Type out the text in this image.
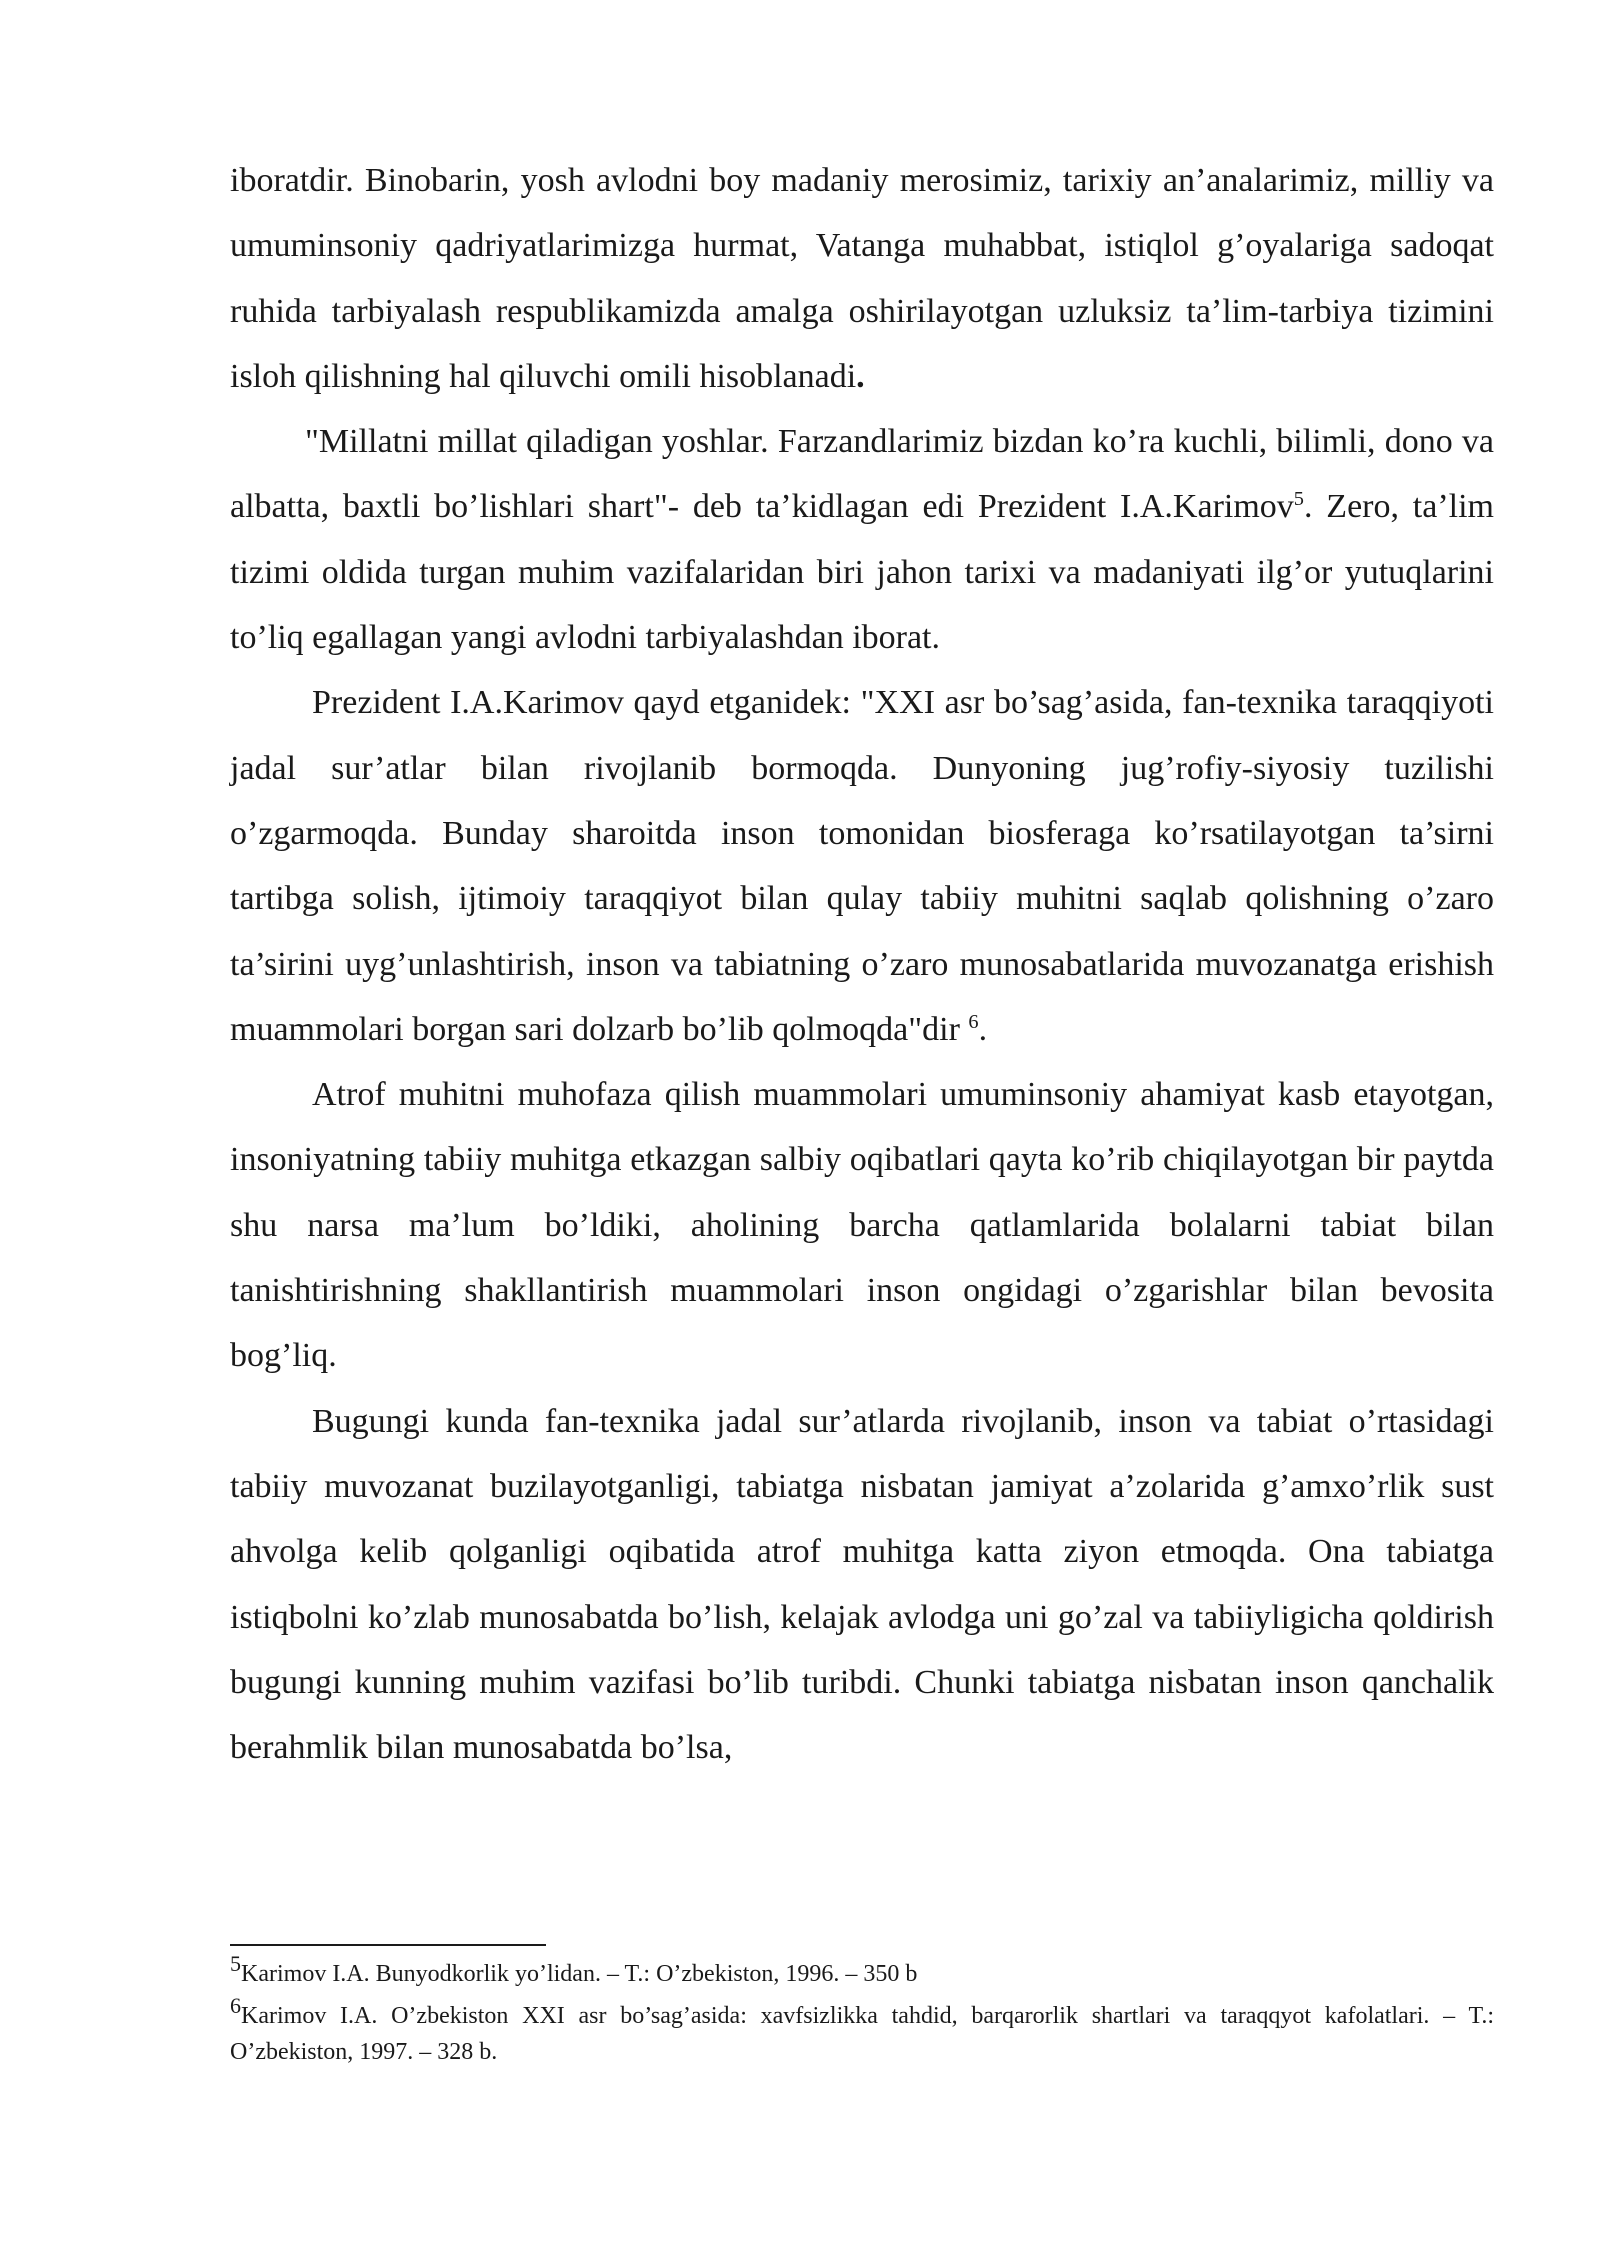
iboratdir. Binobarin, yosh avlodni boy madaniy merosimiz, tarixiy an’analarimiz, milliy va umuminsoniy qadriyatlarimizga hurmat, Vatanga muhabbat, istiqlol g’oyalariga sadoqat ruhida tarbiyalash respublikamizda amalga oshirilayotgan uzluksiz ta’lim-tarbiya tizimini isloh qilishning hal qiluvchi omili hisoblanadi.

"Millatni millat qiladigan yoshlar. Farzandlarimiz bizdan ko’ra kuchli, bilimli, dono va albatta, baxtli bo’lishlari shart"- deb ta’kidlagan edi Prezident I.A.Karimov$^5$. Zero, ta’lim tizimi oldida turgan muhim vazifalaridan biri jahon tarixi va madaniyati ilg’or yutuqlarini to’liq egallagan yangi avlodni tarbiyalashdan iborat.

Prezident I.A.Karimov qayd etganidek: "XXI asr bo’sag’asida, fan-texnika taraqqiyoti jadal sur’atlar bilan rivojlanib bormoqda. Dunyoning jug’rofiy-siyosiy tuzilishi o’zgarmoqda. Bunday sharoitda inson tomonidan biosferaga ko’rsatilayotgan ta’sirni tartibga solish, ijtimoiy taraqqiyot bilan qulay tabiiy muhitni saqlab qolishning o’zaro ta’sirini uyg’unlashtirish, inson va tabiatning o’zaro munosabatlarida muvozanatga erishish muammolari borgan sari dolzarb bo’lib qolmoqda"dir $^6$.

Atrof muhitni muhofaza qilish muammolari umuminsoniy ahamiyat kasb etayotgan, insoniyatning tabiiy muhitga etkazgan salbiy oqibatlari qayta ko’rib chiqilayotgan bir paytda shu narsa ma’lum bo’ldiki, aholining barcha qatlamlarida bolalarni tabiat bilan tanishtirishning shakllantirish muammolari inson ongidagi o’zgarishlar bilan bevosita bog’liq.

Bugungi kunda fan-texnika jadal sur’atlarda rivojlanib, inson va tabiat o’rtasidagi tabiiy muvozanat buzilayotganligi, tabiatga nisbatan jamiyat a’zolarida g’amxo’rlik sust ahvolga kelib qolganligi oqibatida atrof muhitga katta ziyon etmoqda. Ona tabiatga istiqbolni ko’zlab munosabatda bo’lish, kelajak avlodga uni go’zal va tabiiyligicha qoldirish bugungi kunning muhim vazifasi bo’lib turibdi. Chunki tabiatga nisbatan inson qanchalik berahmlik bilan munosabatda bo’lsa,

5Karimov I.A. Bunyodkorlik yo’lidan. – T.: O’zbekiston, 1996. – 350 b

6Karimov I.A. O’zbekiston XXI asr bo’sag’asida: xavfsizlikka tahdid, barqarorlik shartlari va taraqqyot kafolatlari. – T.: O’zbekiston, 1997. – 328 b.
